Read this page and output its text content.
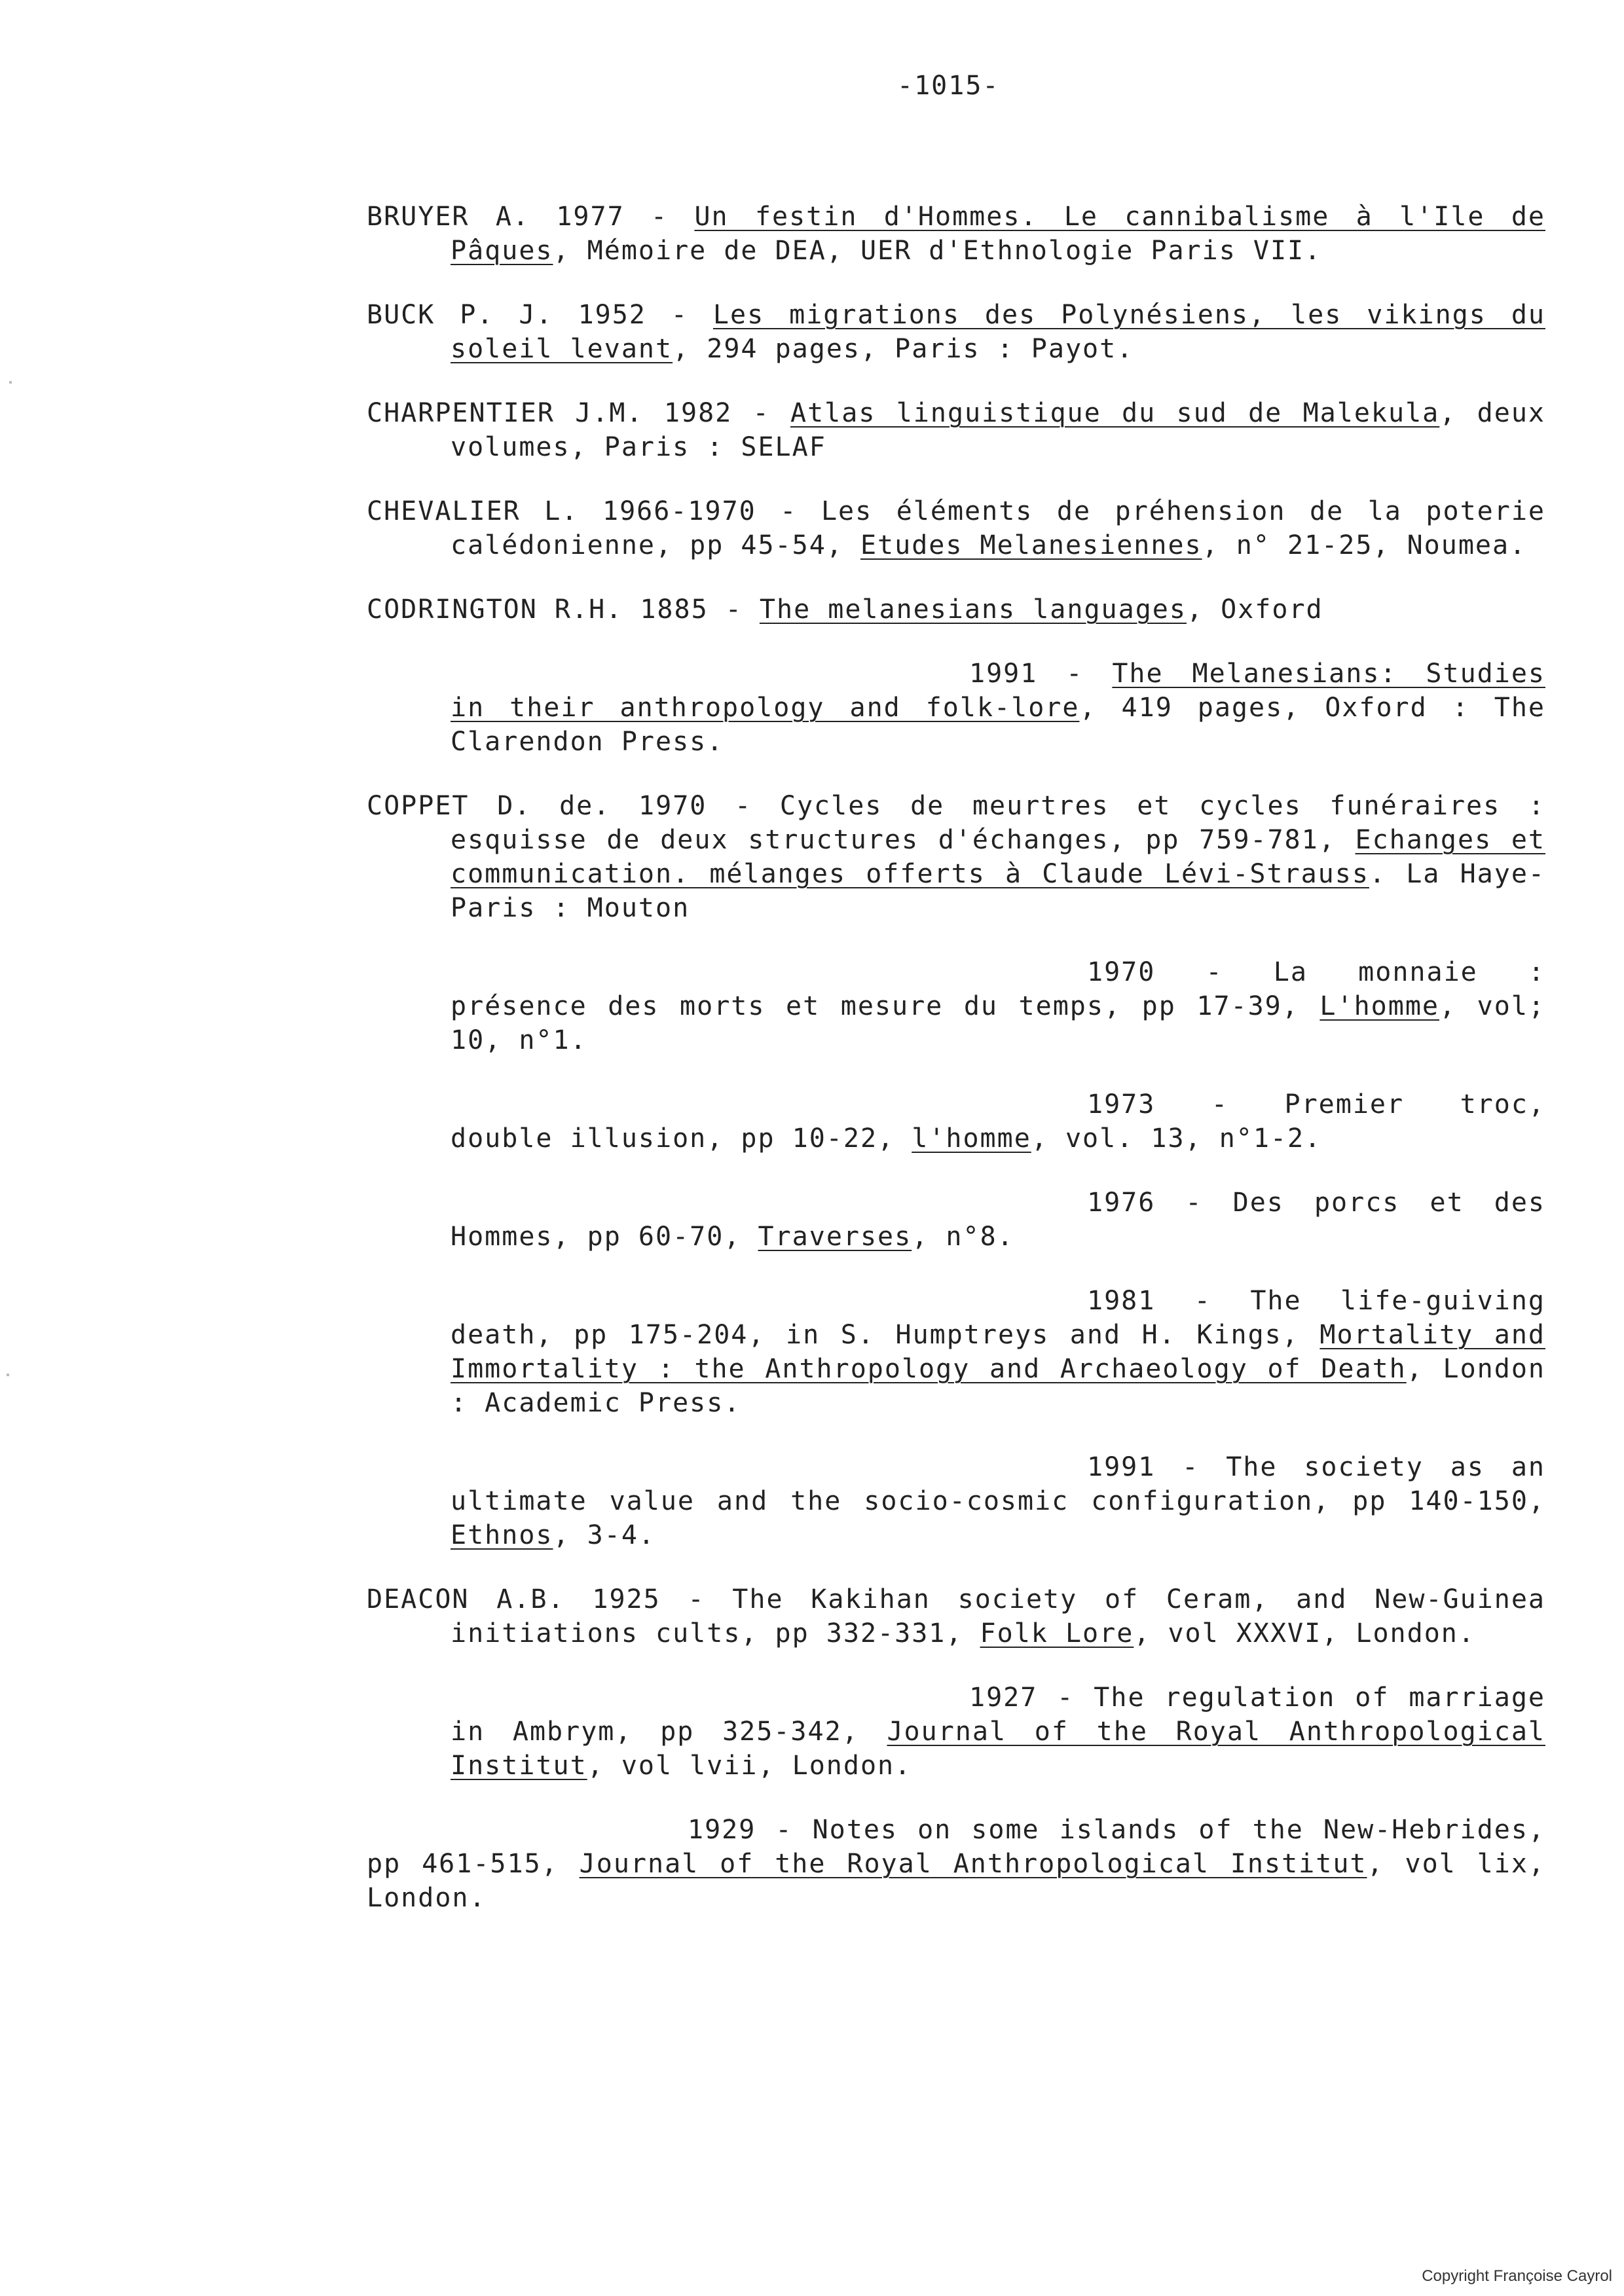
-1015-

BRUYER A. 1977 - Un festin d'Hommes. Le cannibalisme à l'Ile de Pâques, Mémoire de DEA, UER d'Ethnologie Paris VII.

BUCK P. J. 1952 - Les migrations des Polynésiens, les vikings du soleil levant, 294 pages, Paris : Payot.

CHARPENTIER J.M. 1982 - Atlas linguistique du sud de Malekula, deux volumes, Paris : SELAF

CHEVALIER L. 1966-1970 - Les éléments de préhension de la poterie calédonienne, pp 45-54, Etudes Melanesiennes, n° 21-25, Noumea.

CODRINGTON R.H. 1885 - The melanesians languages, Oxford

1991 - The Melanesians: Studies in their anthropology and folk-lore, 419 pages, Oxford : The Clarendon Press.

COPPET D. de. 1970 - Cycles de meurtres et cycles funéraires : esquisse de deux structures d'échanges, pp 759-781, Echanges et communication. mélanges offerts à Claude Lévi-Strauss. La Haye-Paris : Mouton

1970 - La monnaie : présence des morts et mesure du temps, pp 17-39, L'homme, vol; 10, n°1.

1973 - Premier troc, double illusion, pp 10-22, l'homme, vol. 13, n°1-2.

1976 - Des porcs et des Hommes, pp 60-70, Traverses, n°8.

1981 - The life-guiving death, pp 175-204, in S. Humptreys and H. Kings, Mortality and Immortality : the Anthropology and Archaeology of Death, London : Academic Press.

1991 - The society as an ultimate value and the socio-cosmic configuration, pp 140-150, Ethnos, 3-4.

DEACON A.B. 1925 - The Kakihan society of Ceram, and New-Guinea initiations cults, pp 332-331, Folk Lore, vol XXXVI, London.

1927 - The regulation of marriage in Ambrym, pp 325-342, Journal of the Royal Anthropological Institut, vol lvii, London.

1929 - Notes on some islands of the New-Hebrides, pp 461-515, Journal of the Royal Anthropological Institut, vol lix, London.

Copyright Françoise Cayrol
